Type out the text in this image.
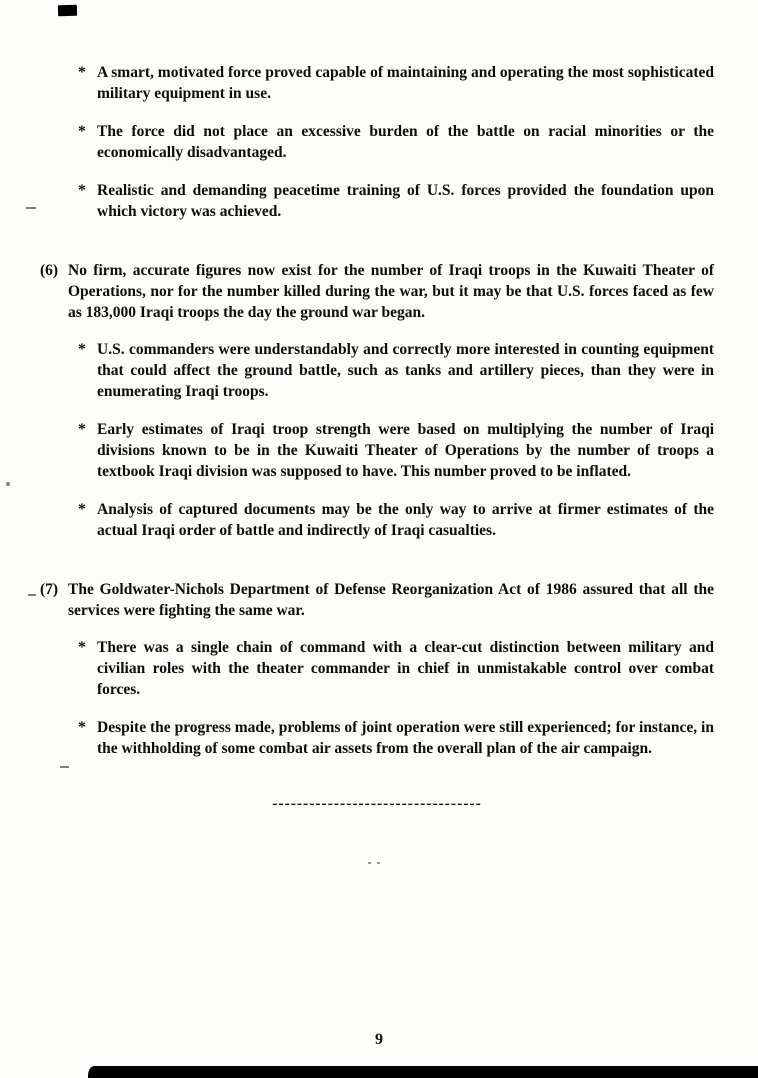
* A smart, motivated force proved capable of maintaining and operating the most sophisticated military equipment in use.

* The force did not place an excessive burden of the battle on racial minorities or the economically disadvantaged.

* Realistic and demanding peacetime training of U.S. forces provided the foundation upon which victory was achieved.

(6) No firm, accurate figures now exist for the number of Iraqi troops in the Kuwaiti Theater of Operations, nor for the number killed during the war, but it may be that U.S. forces faced as few as 183,000 Iraqi troops the day the ground war began.

* U.S. commanders were understandably and correctly more interested in counting equipment that could affect the ground battle, such as tanks and artillery pieces, than they were in enumerating Iraqi troops.

* Early estimates of Iraqi troop strength were based on multiplying the number of Iraqi divisions known to be in the Kuwaiti Theater of Operations by the number of troops a textbook Iraqi division was supposed to have. This number proved to be inflated.

* Analysis of captured documents may be the only way to arrive at firmer estimates of the actual Iraqi order of battle and indirectly of Iraqi casualties.

(7) The Goldwater-Nichols Department of Defense Reorganization Act of 1986 assured that all the services were fighting the same war.

* There was a single chain of command with a clear-cut distinction between military and civilian roles with the theater commander in chief in unmistakable control over combat forces.

* Despite the progress made, problems of joint operation were still experienced; for instance, in the withholding of some combat air assets from the overall plan of the air campaign.

----------------------------------
9
